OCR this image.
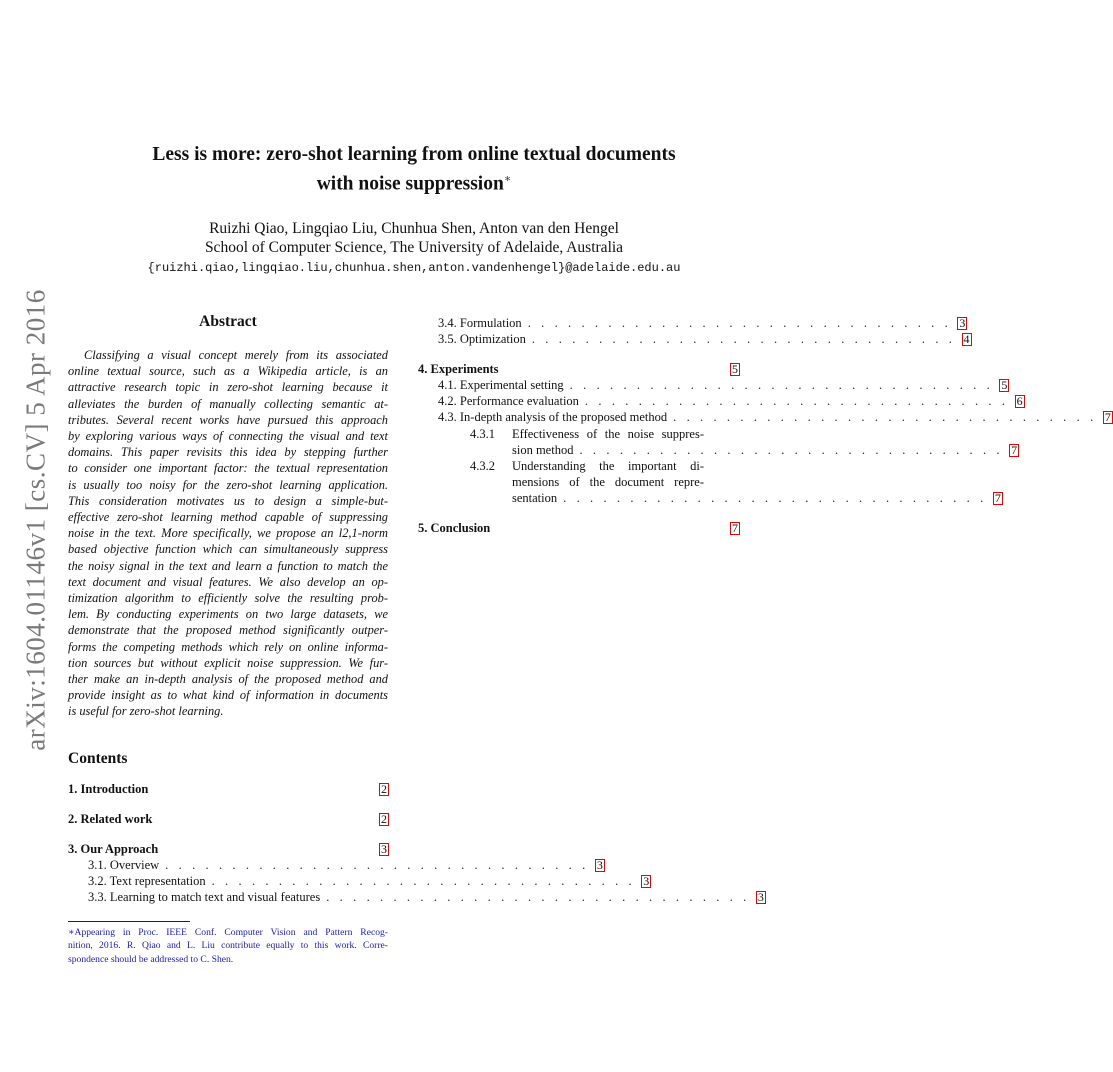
arXiv:1604.01146v1 [cs.CV] 5 Apr 2016
Less is more: zero-shot learning from online textual documents
with noise suppression∗
Ruizhi Qiao, Lingqiao Liu, Chunhua Shen, Anton van den Hengel
School of Computer Science, The University of Adelaide, Australia
{ruizhi.qiao,lingqiao.liu,chunhua.shen,anton.vandenhengel}@adelaide.edu.au
Abstract
Classifying a visual concept merely from its associated
online textual source, such as a Wikipedia article, is an
attractive research topic in zero-shot learning because it
alleviates the burden of manually collecting semantic at-
tributes. Several recent works have pursued this approach
by exploring various ways of connecting the visual and text
domains. This paper revisits this idea by stepping further
to consider one important factor: the textual representation
is usually too noisy for the zero-shot learning application.
This consideration motivates us to design a simple-but-
effective zero-shot learning method capable of suppressing
noise in the text. More specifically, we propose an l2,1-norm
based objective function which can simultaneously suppress
the noisy signal in the text and learn a function to match the
text document and visual features. We also develop an op-
timization algorithm to efficiently solve the resulting prob-
lem. By conducting experiments on two large datasets, we
demonstrate that the proposed method significantly outper-
forms the competing methods which rely on online informa-
tion sources but without explicit noise suppression. We fur-
ther make an in-depth analysis of the proposed method and
provide insight as to what kind of information in documents
is useful for zero-shot learning.
Contents
1. Introduction	2
2. Related work	2
3. Our Approach	3
3.1. Overview . . . . . . . . . . . . . . . . . . . . . . . . . . . . . . . . 3
3.2. Text representation . . . . . . . . . . . . . . . . . . . . . . . . . . . . . . . . 3
3.3. Learning to match text and visual features . . . . . . . . . . . . . . . . . . . . . . . . . . . . . . . . 3
3.4. Formulation . . . . . . . . . . . . . . . . . . . . . . . . . . . . . . . . 3
3.5. Optimization . . . . . . . . . . . . . . . . . . . . . . . . . . . . . . . . 4
4. Experiments	5
4.1. Experimental setting . . . . . . . . . . . . . . . . . . . . . . . . . . . . . . . . 5
4.2. Performance evaluation . . . . . . . . . . . . . . . . . . . . . . . . . . . . . . . . 6
4.3. In-depth analysis of the proposed method . . . . . . . . . . . . . . . . . . . . . . . . . . . . . . . . 7
4.3.1 Effectiveness of the noise suppres-
sion method . . . . . . . . . . . . . . . . . . . . . . . . . . . . . . . . 7
4.3.2 Understanding the important di-
mensions of the document repre-
sentation . . . . . . . . . . . . . . . . . . . . . . . . . . . . . . . . 7
5. Conclusion	7
∗Appearing in Proc. IEEE Conf. Computer Vision and Pattern Recog-
nition, 2016. R. Qiao and L. Liu contribute equally to this work. Corre-
spondence should be addressed to C. Shen.
